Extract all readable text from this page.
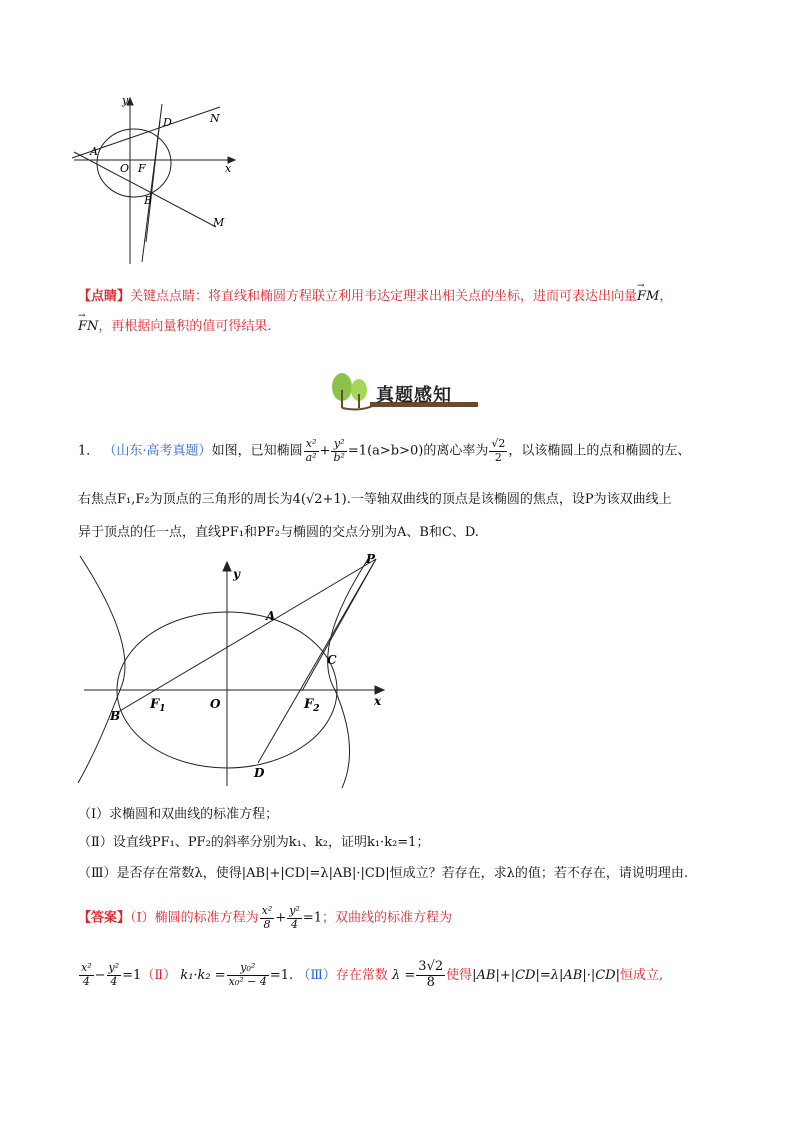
y
x
O F
A
B
D	N
M
【点睛】关键点点睛：将直线和椭圆方程联立利用韦达定理求出相关点的坐标，进而可表达出向量
→
FM，
→
FN，再根据向量积的值可得结果.
真题感知
1． （山东·高考真题）如图，已知椭圆 $\frac{\text{x²}}{\text{a²}} + \frac{\text{y²}}{\text{b²}} =1(a>b>0)$的离心率为 $\frac{√2}{2}$ ，以该椭圆上的点和椭圆的左、
右焦点F₁,F₂为顶点的三角形的周长为4(√2+1).一等轴双曲线的顶点是该椭圆的焦点，设P为该双曲线上
异于顶点的任一点，直线PF₁和PF₂与椭圆的交点分别为A、B和C、D.
P
A
C
y
$F_1$	O	$F_2$
x
B
D
（Ⅰ）求椭圆和双曲线的标准方程；
（Ⅱ）设直线PF₁、PF₂的斜率分别为k₁、k₂，证明k₁·k₂=1；
（Ⅲ）是否存在常数λ，使得|AB|+|CD|=λ|AB|·|CD|恒成立？若存在，求λ的值；若不存在，请说明理由.
【答案】（Ⅰ）椭圆的标准方程为 $\frac{\text{x²}}{8} + \frac{\text{y²}}{4} =1$；双曲线的标准方程为
$\frac{\text{x²}}{4} - \frac{\text{y²}}{4}$ =1（Ⅱ） $k_1\cdot k_2 = \frac{\text{y₀²}}{\text{x₀² − 4}} =1$. （Ⅲ）存在常数 $\lambda = \frac{3√2}{8}$ 使得|AB|+|CD|=λ|AB|·|CD|恒成立,
